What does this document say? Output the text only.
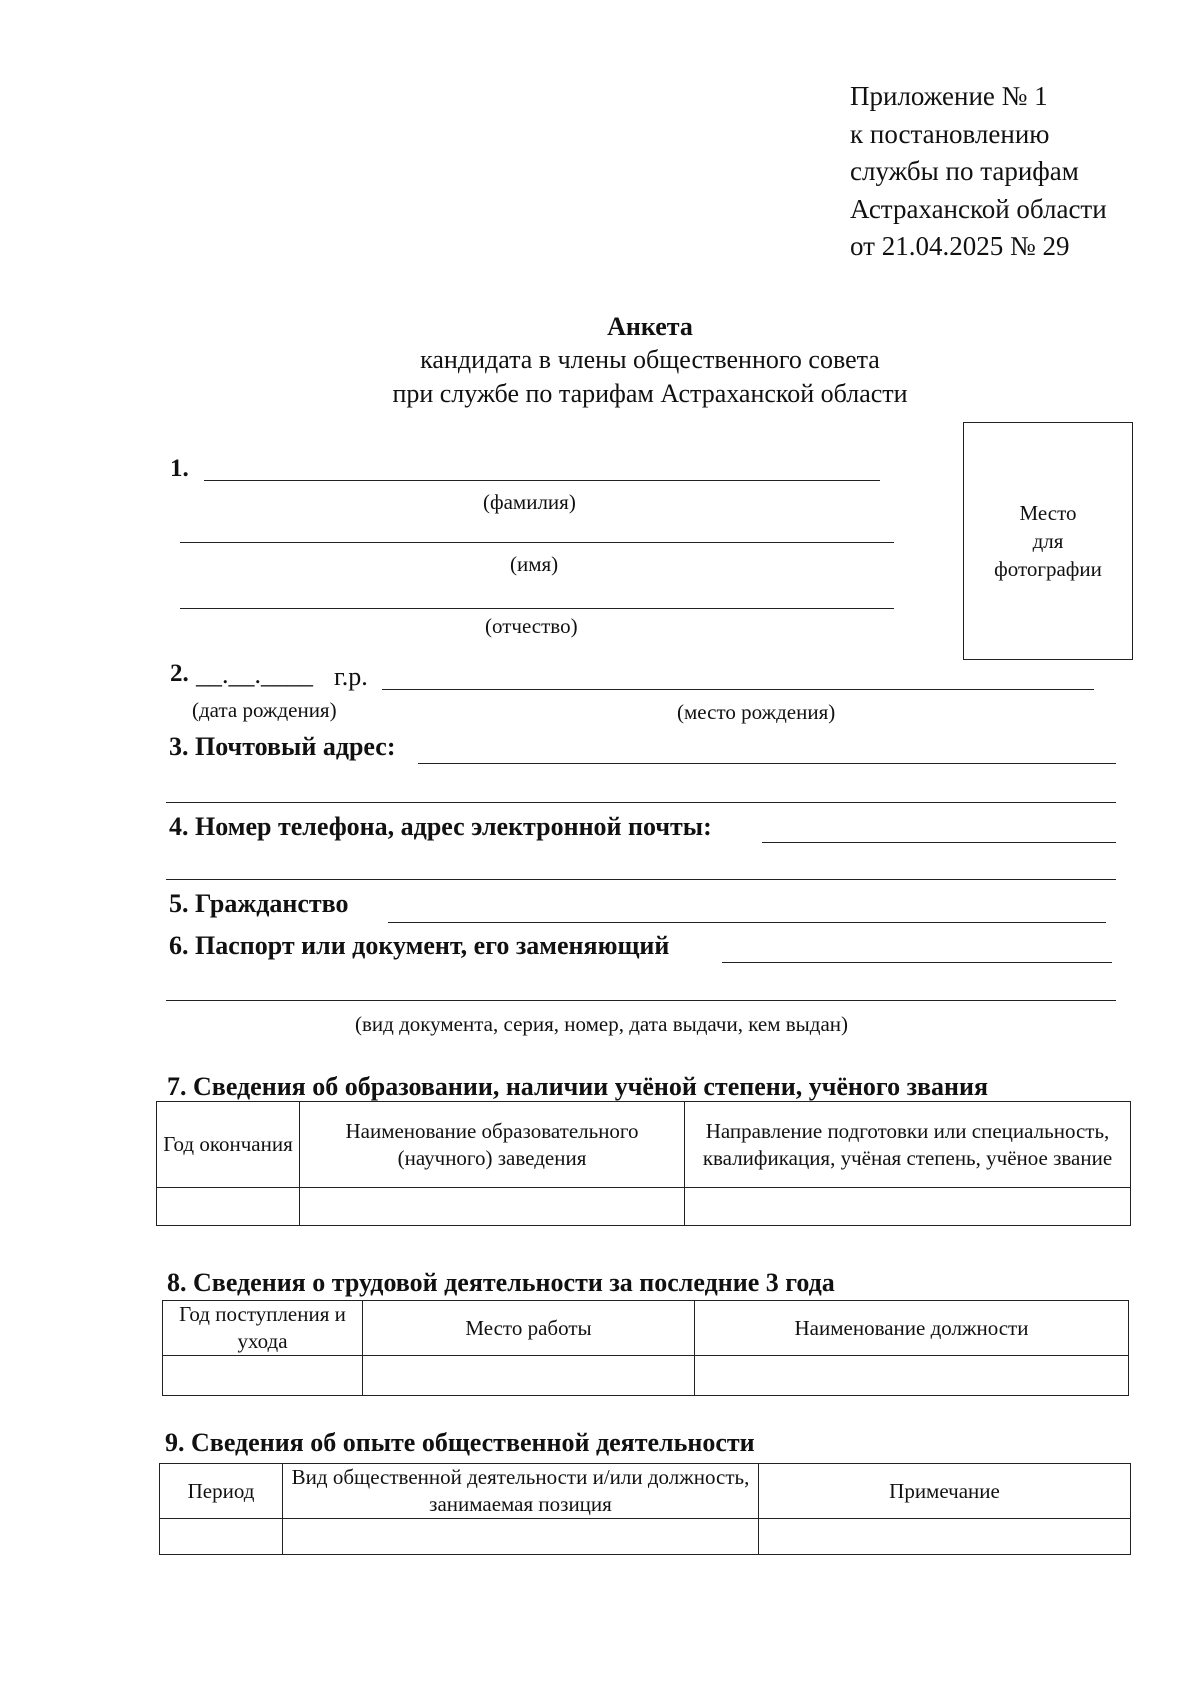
Приложение № 1
к постановлению
службы по тарифам
Астраханской области
от 21.04.2025 № 29
Анкета
кандидата в члены общественного совета
при службе по тарифам Астраханской области
Место
для
фотографии
1.
(фамилия)
(имя)
(отчество)
2. __.__.____ г.р.
(дата рождения)	(место рождения)
3. Почтовый адрес:
4. Номер телефона, адрес электронной почты:
5. Гражданство
6. Паспорт или документ, его заменяющий
(вид документа, серия, номер, дата выдачи, кем выдан)
7. Сведения об образовании, наличии учёной степени, учёного звания
Год окончания	Наименование образовательного (научного) заведения	Направление подготовки или специальность, квалификация, учёная степень, учёное звание

8. Сведения о трудовой деятельности за последние 3 года
Год поступления и ухода	Место работы	Наименование должности

9. Сведения об опыте общественной деятельности
Период	Вид общественной деятельности и/или должность, занимаемая позиция	Примечание
